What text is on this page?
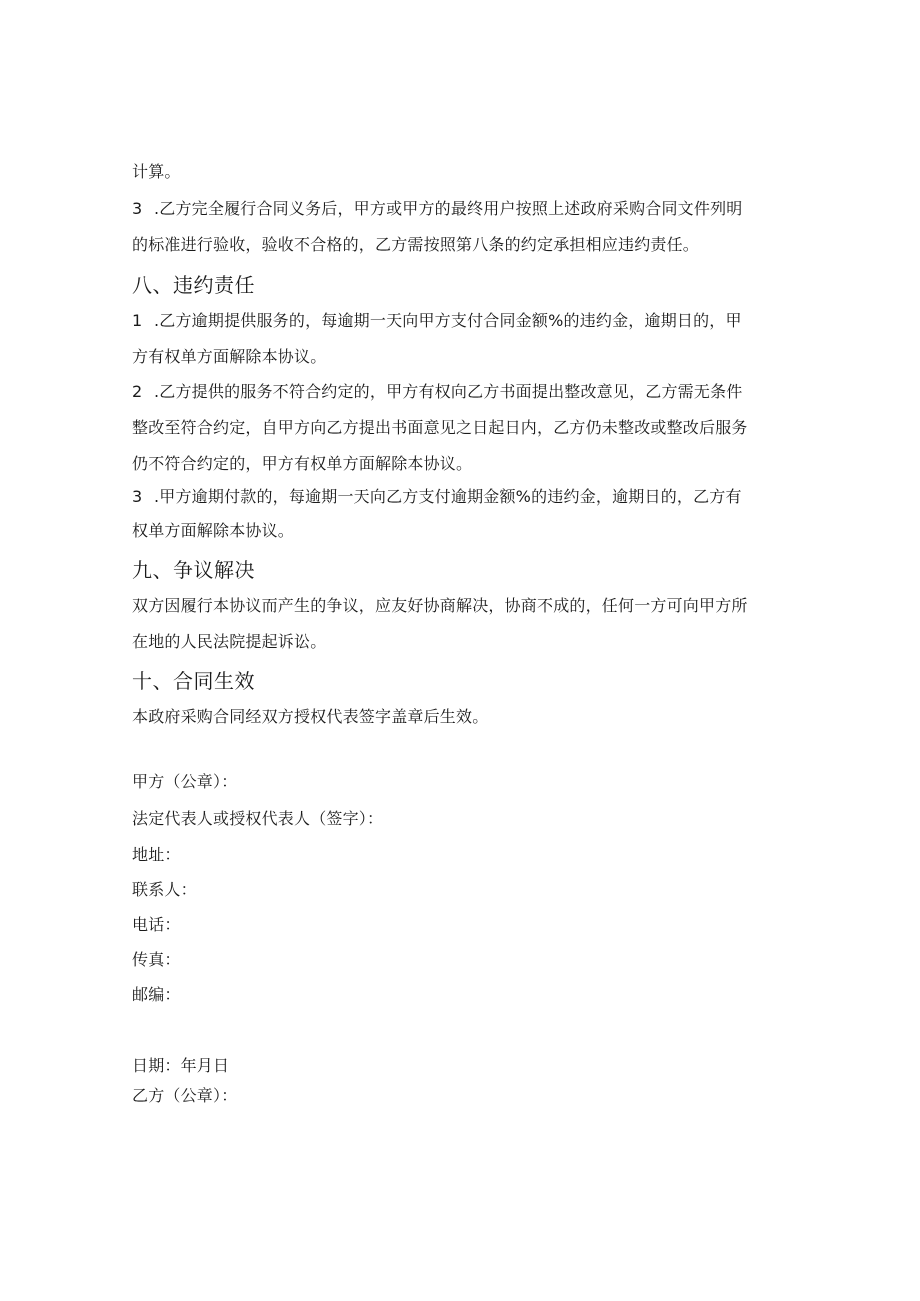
计算。
3 .乙方完全履行合同义务后，甲方或甲方的最终用户按照上述政府采购合同文件列明
的标准进行验收，验收不合格的，乙方需按照第八条的约定承担相应违约责任。
八、违约责任
1 .乙方逾期提供服务的，每逾期一天向甲方支付合同金额%的违约金，逾期日的，甲
方有权单方面解除本协议。
2 .乙方提供的服务不符合约定的，甲方有权向乙方书面提出整改意见，乙方需无条件
整改至符合约定，自甲方向乙方提出书面意见之日起日内，乙方仍未整改或整改后服务
仍不符合约定的，甲方有权单方面解除本协议。
3 .甲方逾期付款的，每逾期一天向乙方支付逾期金额%的违约金，逾期日的，乙方有
权单方面解除本协议。
九、争议解决
双方因履行本协议而产生的争议，应友好协商解决，协商不成的，任何一方可向甲方所
在地的人民法院提起诉讼。
十、合同生效
本政府采购合同经双方授权代表签字盖章后生效。
甲方（公章）：
法定代表人或授权代表人（签字）：
地址：
联系人：
电话：
传真：
邮编：
日期：年月日
乙方（公章）：
